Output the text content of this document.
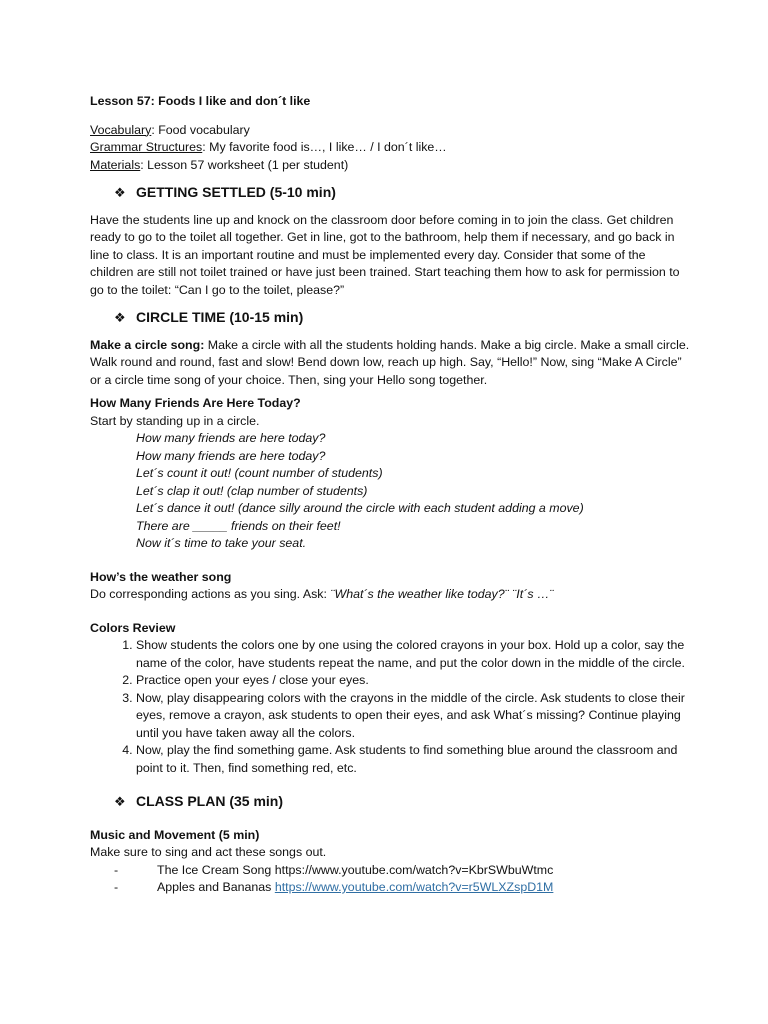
Lesson 57: Foods I like and don´t like

Vocabulary: Food vocabulary

Grammar Structures: My favorite food is…, I like… / I don´t like…

Materials: Lesson 57 worksheet (1 per student)

❖ GETTING SETTLED (5-10 min)

Have the students line up and knock on the classroom door before coming in to join the class. Get children ready to go to the toilet all together. Get in line, got to the bathroom, help them if necessary, and go back in line to class. It is an important routine and must be implemented every day. Consider that some of the children are still not toilet trained or have just been trained. Start teaching them how to ask for permission to go to the toilet: “Can I go to the toilet, please?”

❖ CIRCLE TIME (10-15 min)

Make a circle song: Make a circle with all the students holding hands. Make a big circle. Make a small circle. Walk round and round, fast and slow! Bend down low, reach up high. Say, “Hello!” Now, sing “Make A Circle” or a circle time song of your choice. Then, sing your Hello song together.

How Many Friends Are Here Today?

Start by standing up in a circle.

How many friends are here today?

How many friends are here today?

Let´s count it out! (count number of students)

Let´s clap it out! (clap number of students)

Let´s dance it out! (dance silly around the circle with each student adding a move)

There are _____ friends on their feet!

Now it´s time to take your seat.

How’s the weather song

Do corresponding actions as you sing. Ask: ¨What´s the weather like today?¨ ¨It´s …¨

Colors Review

1. Show students the colors one by one using the colored crayons in your box. Hold up a color, say the name of the color, have students repeat the name, and put the color down in the middle of the circle.
2. Practice open your eyes / close your eyes.
3. Now, play disappearing colors with the crayons in the middle of the circle. Ask students to close their eyes, remove a crayon, ask students to open their eyes, and ask What´s missing? Continue playing until you have taken away all the colors.
4. Now, play the find something game. Ask students to find something blue around the classroom and point to it. Then, find something red, etc.
❖ CLASS PLAN (35 min)

Music and Movement (5 min)

Make sure to sing and act these songs out.

-	The Ice Cream Song https://www.youtube.com/watch?v=KbrSWbuWtmc
-	Apples and Bananas https://www.youtube.com/watch?v=r5WLXZspD1M
